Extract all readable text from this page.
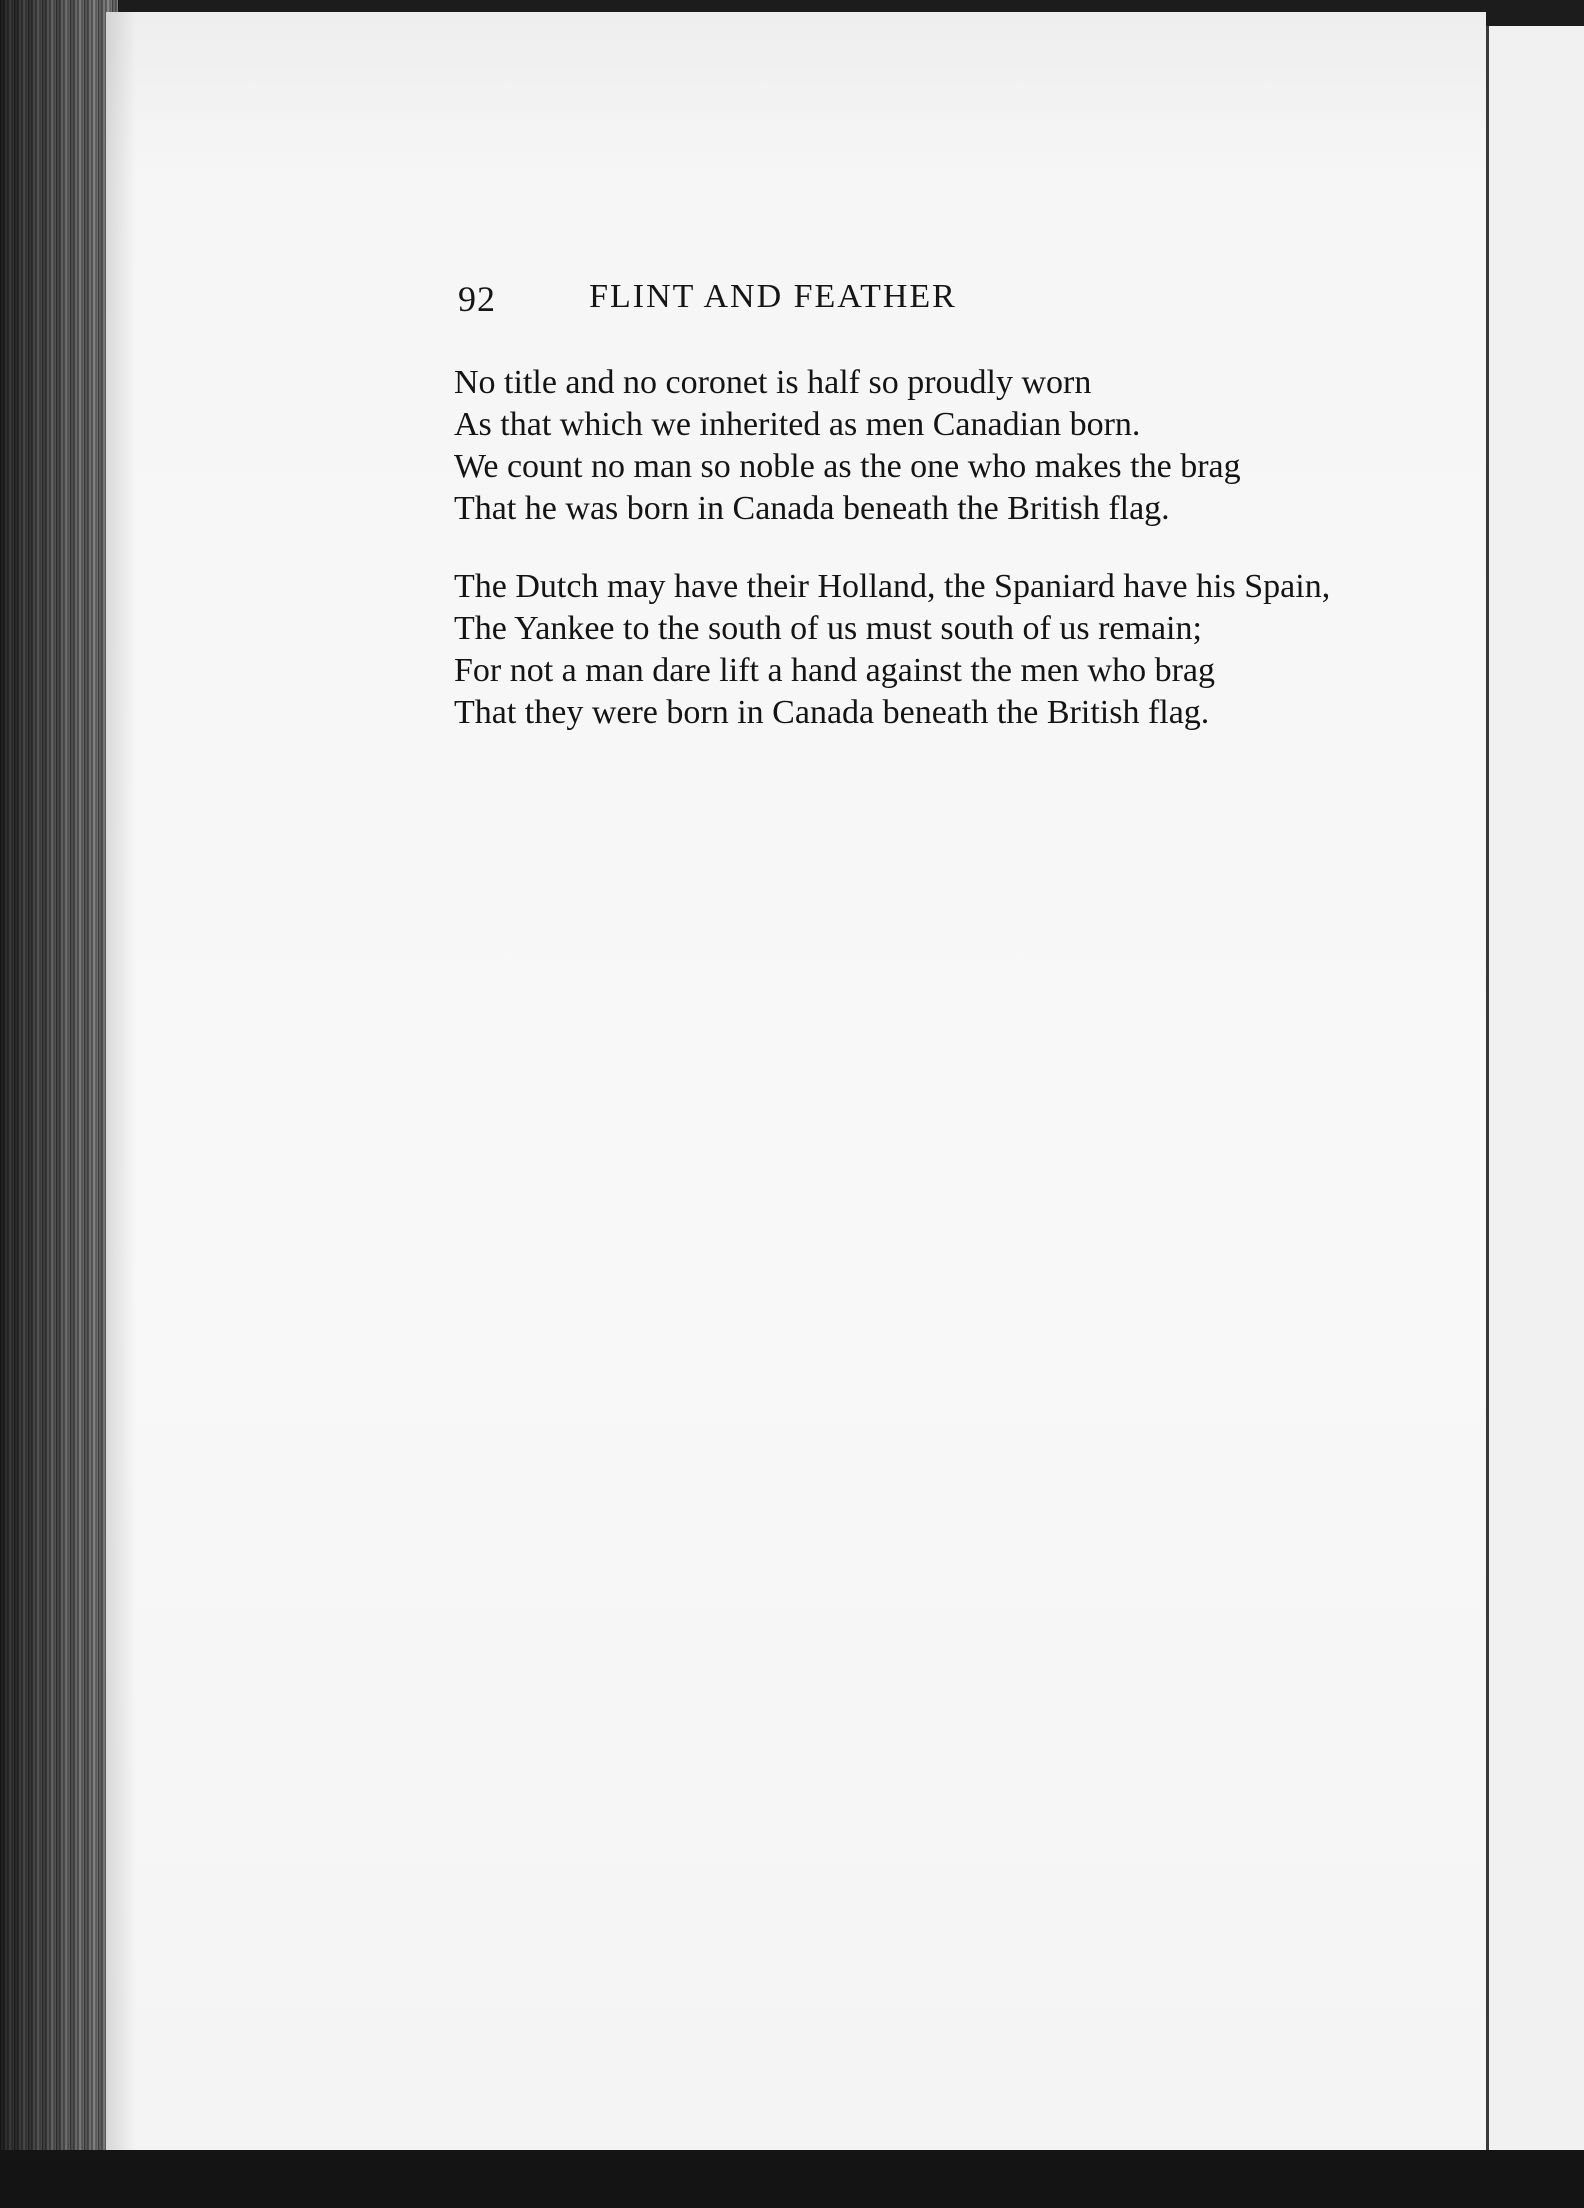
92	FLINT AND FEATHER
No title and no coronet is half so proudly worn
As that which we inherited as men Canadian born.
We count no man so noble as the one who makes the brag
That he was born in Canada beneath the British flag.
The Dutch may have their Holland, the Spaniard have his Spain,
The Yankee to the south of us must south of us remain;
For not a man dare lift a hand against the men who brag
That they were born in Canada beneath the British flag.
